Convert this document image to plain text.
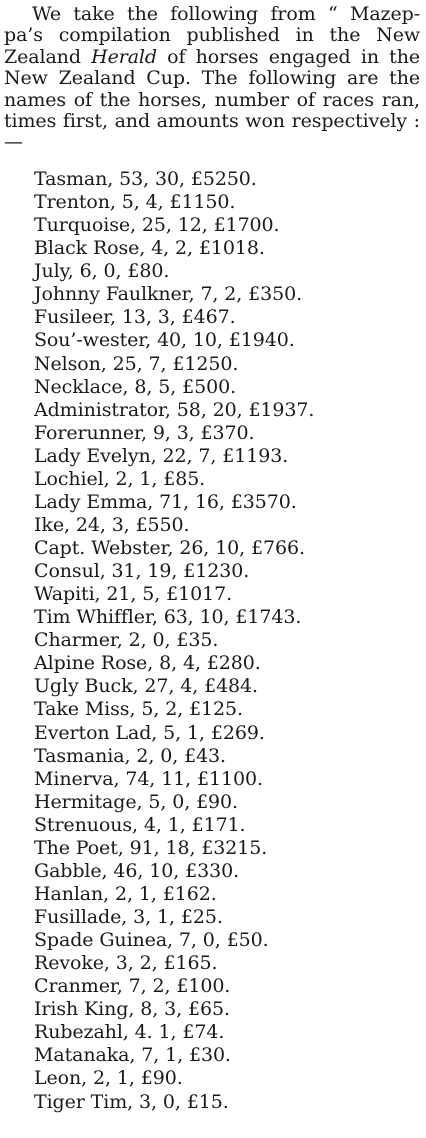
We take the following from “ Mazep-pa’s compilation published in the New Zealand Herald of horses engaged in the New Zealand Cup. The following are the names of the horses, number of races ran, times first, and amounts won respectively :—

Tasman, 53, 30, £5250.
Trenton, 5, 4, £1150.
Turquoise, 25, 12, £1700.
Black Rose, 4, 2, £1018.
July, 6, 0, £80.
Johnny Faulkner, 7, 2, £350.
Fusileer, 13, 3, £467.
Sou’-wester, 40, 10, £1940.
Nelson, 25, 7, £1250.
Necklace, 8, 5, £500.
Administrator, 58, 20, £1937.
Forerunner, 9, 3, £370.
Lady Evelyn, 22, 7, £1193.
Lochiel, 2, 1, £85.
Lady Emma, 71, 16, £3570.
Ike, 24, 3, £550.
Capt. Webster, 26, 10, £766.
Consul, 31, 19, £1230.
Wapiti, 21, 5, £1017.
Tim Whiffler, 63, 10, £1743.
Charmer, 2, 0, £35.
Alpine Rose, 8, 4, £280.
Ugly Buck, 27, 4, £484.
Take Miss, 5, 2, £125.
Everton Lad, 5, 1, £269.
Tasmania, 2, 0, £43.
Minerva, 74, 11, £1100.
Hermitage, 5, 0, £90.
Strenuous, 4, 1, £171.
The Poet, 91, 18, £3215.
Gabble, 46, 10, £330.
Hanlan, 2, 1, £162.
Fusillade, 3, 1, £25.
Spade Guinea, 7, 0, £50.
Revoke, 3, 2, £165.
Cranmer, 7, 2, £100.
Irish King, 8, 3, £65.
Rubezahl, 4. 1, £74.
Matanaka, 7, 1, £30.
Leon, 2, 1, £90.
Tiger Tim, 3, 0, £15.
